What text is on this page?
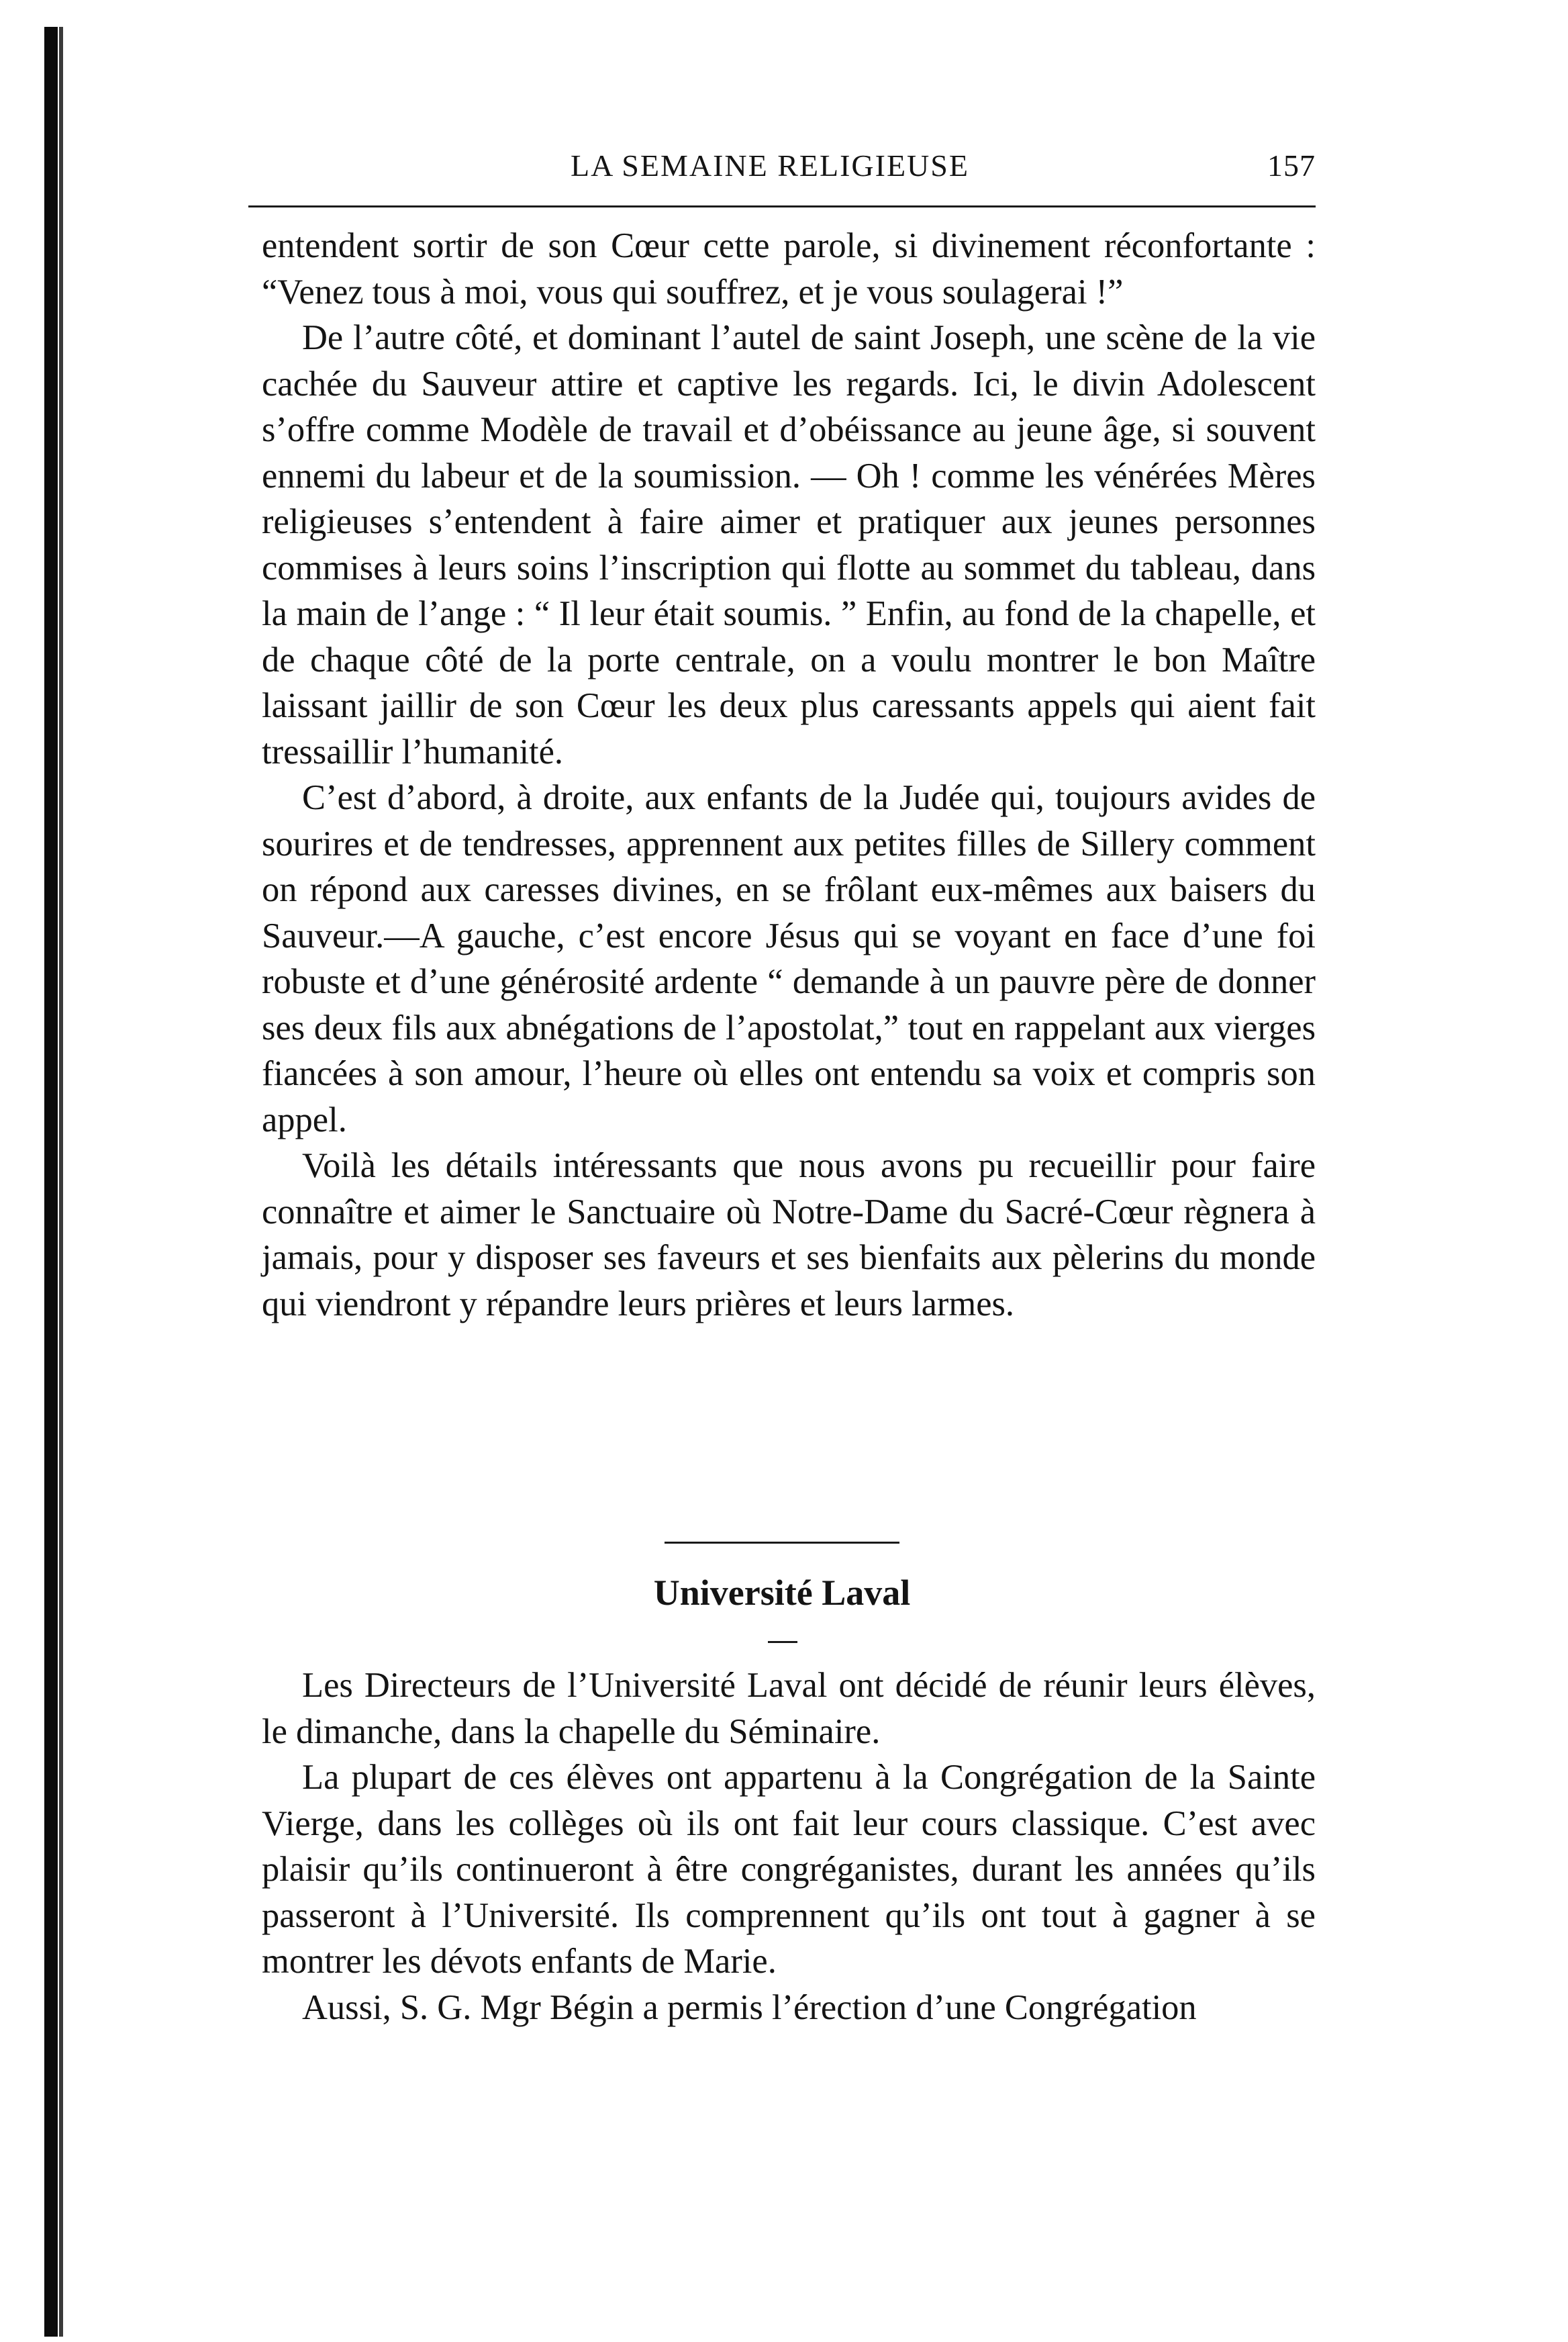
LA SEMAINE RELIGIEUSE	157

entendent sortir de son Cœur cette parole, si divinement réconfortante : “Venez tous à moi, vous qui souffrez, et je vous soulagerai !”

De l’autre côté, et dominant l’autel de saint Joseph, une scène de la vie cachée du Sauveur attire et captive les regards. Ici, le divin Adolescent s’offre comme Modèle de travail et d’obéissance au jeune âge, si souvent ennemi du labeur et de la soumission. — Oh ! comme les vénérées Mères religieuses s’entendent à faire aimer et pratiquer aux jeunes personnes commises à leurs soins l’inscription qui flotte au sommet du tableau, dans la main de l’ange : “ Il leur était soumis. ” Enfin, au fond de la chapelle, et de chaque côté de la porte centrale, on a voulu montrer le bon Maître laissant jaillir de son Cœur les deux plus caressants appels qui aient fait tressaillir l’humanité.

C’est d’abord, à droite, aux enfants de la Judée qui, toujours avides de sourires et de tendresses, apprennent aux petites filles de Sillery comment on répond aux caresses divines, en se frôlant eux-mêmes aux baisers du Sauveur.—A gauche, c’est encore Jésus qui se voyant en face d’une foi robuste et d’une générosité ardente “ demande à un pauvre père de donner ses deux fils aux abnégations de l’apostolat,” tout en rappelant aux vierges fiancées à son amour, l’heure où elles ont entendu sa voix et compris son appel.

Voilà les détails intéressants que nous avons pu recueillir pour faire connaître et aimer le Sanctuaire où Notre-Dame du Sacré-Cœur règnera à jamais, pour y disposer ses faveurs et ses bienfaits aux pèlerins du monde qui viendront y répandre leurs prières et leurs larmes.

Université Laval

Les Directeurs de l’Université Laval ont décidé de réunir leurs élèves, le dimanche, dans la chapelle du Séminaire.

La plupart de ces élèves ont appartenu à la Congrégation de la Sainte Vierge, dans les collèges où ils ont fait leur cours classique. C’est avec plaisir qu’ils continueront à être congréganistes, durant les années qu’ils passeront à l’Université. Ils comprennent qu’ils ont tout à gagner à se montrer les dévots enfants de Marie.

Aussi, S. G. Mgr Bégin a permis l’érection d’une Congrégation
